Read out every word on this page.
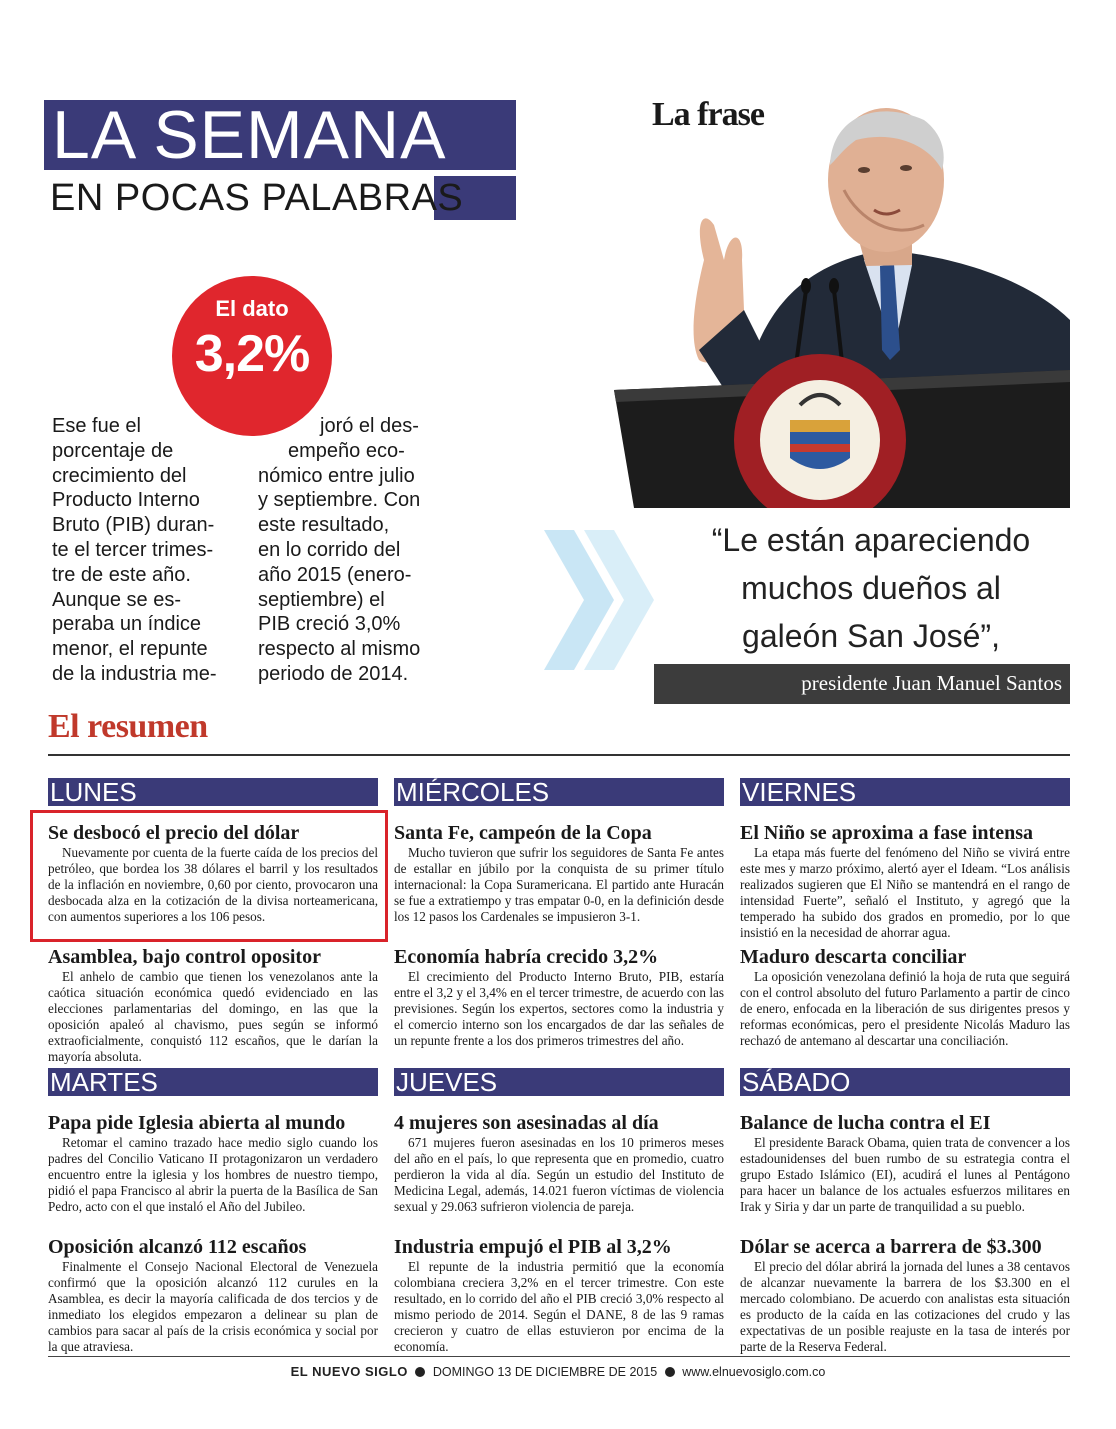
LA SEMANA
EN POCAS PALABRAS
El dato
3,2%
Ese fue el
porcentaje de
crecimiento del
Producto Interno
Bruto (PIB) duran-
te el tercer trimes-
tre de este año.
Aunque se es-
peraba un índice
menor, el repunte
de la industria me-
joró el des-
empeño eco-
nómico entre julio
y septiembre. Con
este resultado,
en lo corrido del
año 2015 (enero-
septiembre) el
PIB creció 3,0%
respecto al mismo
periodo de 2014.
La frase
“Le están apareciendo
muchos dueños al
galeón San José”,
presidente Juan Manuel Santos
El resumen
LUNES	MIÉRCOLES	VIERNES
MARTES	JUEVES	SÁBADO
Se desbocó el precio del dólar

Nuevamente por cuenta de la fuerte caída de los precios del petróleo, que bordea los 38 dólares el barril y los resultados de la inflación en noviembre, 0,60 por ciento, provocaron una desbocada alza en la cotización de la divisa norteamericana, con aumentos superiores a los 106 pesos.

Asamblea, bajo control opositor

El anhelo de cambio que tienen los venezolanos ante la caótica situación económica quedó evidenciado en las elecciones parlamentarias del domingo, en las que la oposición apaleó al chavismo, pues según se informó extraoficialmente, conquistó 112 escaños, que le darían la mayoría absoluta.

Papa pide Iglesia abierta al mundo

Retomar el camino trazado hace medio siglo cuando los padres del Concilio Vaticano II protagonizaron un verdadero encuentro entre la iglesia y los hombres de nuestro tiempo, pidió el papa Francisco al abrir la puerta de la Basílica de San Pedro, acto con el que instaló el Año del Jubileo.

Oposición alcanzó 112 escaños

Finalmente el Consejo Nacional Electoral de Venezuela confirmó que la oposición alcanzó 112 curules en la Asamblea, es decir la mayoría calificada de dos tercios y de inmediato los elegidos empezaron a delinear su plan de cambios para sacar al país de la crisis económica y social por la que atraviesa.

Santa Fe, campeón de la Copa

Mucho tuvieron que sufrir los seguidores de Santa Fe antes de estallar en júbilo por la conquista de su primer título internacional: la Copa Suramericana. El partido ante Huracán se fue a extratiempo y tras empatar 0-0, en la definición desde los 12 pasos los Cardenales se impusieron 3-1.

Economía habría crecido 3,2%

El crecimiento del Producto Interno Bruto, PIB, estaría entre el 3,2 y el 3,4% en el tercer trimestre, de acuerdo con las previsiones. Según los expertos, sectores como la industria y el comercio interno son los encargados de dar las señales de un repunte frente a los dos primeros trimestres del año.

4 mujeres son asesinadas al día

671 mujeres fueron asesinadas en los 10 primeros meses del año en el país, lo que representa que en promedio, cuatro perdieron la vida al día. Según un estudio del Instituto de Medicina Legal, además, 14.021 fueron víctimas de violencia sexual y 29.063 sufrieron violencia de pareja.

Industria empujó el PIB al 3,2%

El repunte de la industria permitió que la economía colombiana creciera 3,2% en el tercer trimestre. Con este resultado, en lo corrido del año el PIB creció 3,0% respecto al mismo periodo de 2014. Según el DANE, 8 de las 9 ramas crecieron y cuatro de ellas estuvieron por encima de la economía.

El Niño se aproxima a fase intensa

La etapa más fuerte del fenómeno del Niño se vivirá entre este mes y marzo próximo, alertó ayer el Ideam. “Los análisis realizados sugieren que El Niño se mantendrá en el rango de intensidad Fuerte”, señaló el Instituto, y agregó que la temperado ha subido dos grados en promedio, por lo que insistió en la necesidad de ahorrar agua.

Maduro descarta conciliar

La oposición venezolana definió la hoja de ruta que seguirá con el control absoluto del futuro Parlamento a partir de cinco de enero, enfocada en la liberación de sus dirigentes presos y reformas económicas, pero el presidente Nicolás Maduro las rechazó de antemano al descartar una conciliación.

Balance de lucha contra el EI

El presidente Barack Obama, quien trata de convencer a los estadounidenses del buen rumbo de su estrategia contra el grupo Estado Islámico (EI), acudirá el lunes al Pentágono para hacer un balance de los actuales esfuerzos militares en Irak y Siria y dar un parte de tranquilidad a su pueblo.

Dólar se acerca a barrera de $3.300

El precio del dólar abrirá la jornada del lunes a 38 centavos de alcanzar nuevamente la barrera de los $3.300 en el mercado colombiano. De acuerdo con analistas esta situación es producto de la caída en las cotizaciones del crudo y las expectativas de un posible reajuste en la tasa de interés por parte de la Reserva Federal.

EL NUEVO SIGLO DOMINGO 13 DE DICIEMBRE DE 2015 www.elnuevosiglo.com.co
